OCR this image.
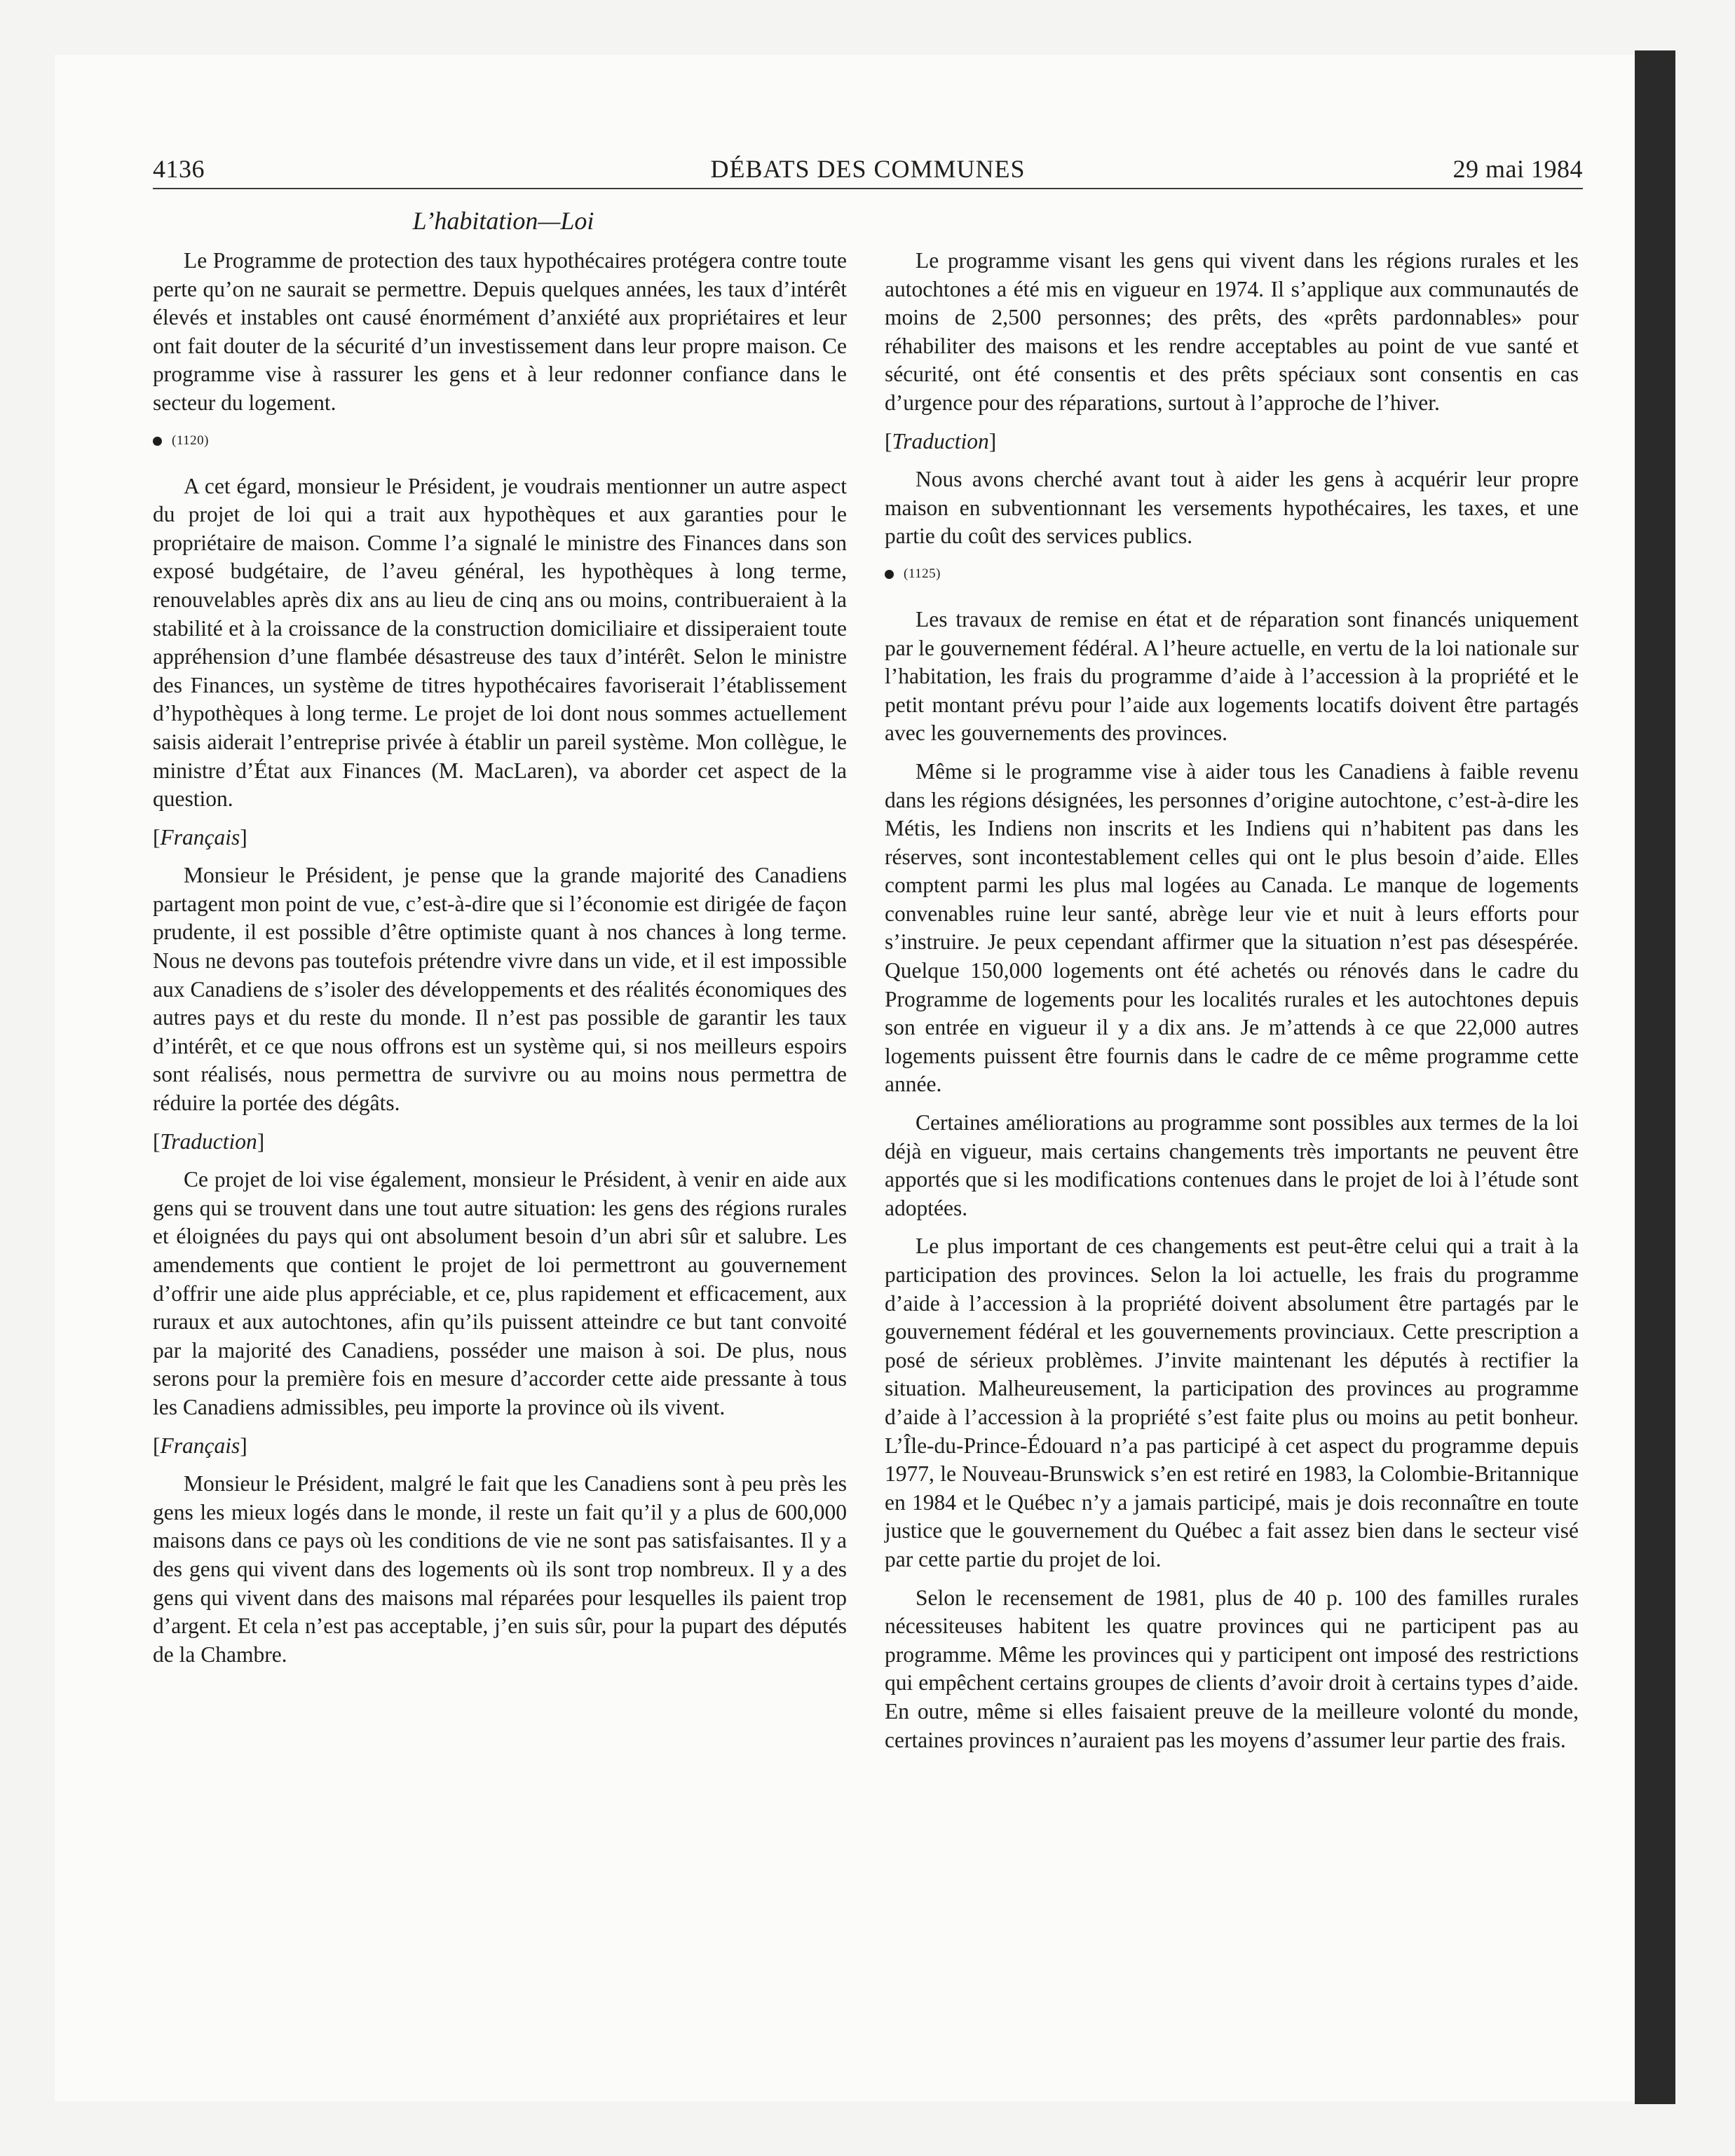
4136	DÉBATS DES COMMUNES	29 mai 1984
L’habitation—Loi

Le Programme de protection des taux hypothécaires protégera contre toute perte qu’on ne saurait se permettre. Depuis quelques années, les taux d’intérêt élevés et instables ont causé énormément d’anxiété aux propriétaires et leur ont fait douter de la sécurité d’un investissement dans leur propre maison. Ce programme vise à rassurer les gens et à leur redonner confiance dans le secteur du logement.

(1120)

A cet égard, monsieur le Président, je voudrais mentionner un autre aspect du projet de loi qui a trait aux hypothèques et aux garanties pour le propriétaire de maison. Comme l’a signalé le ministre des Finances dans son exposé budgétaire, de l’aveu général, les hypothèques à long terme, renouvelables après dix ans au lieu de cinq ans ou moins, contribueraient à la stabilité et à la croissance de la construction domiciliaire et dissiperaient toute appréhension d’une flambée désastreuse des taux d’intérêt. Selon le ministre des Finances, un système de titres hypothécaires favoriserait l’établissement d’hypothèques à long terme. Le projet de loi dont nous sommes actuellement saisis aiderait l’entreprise privée à établir un pareil système. Mon collègue, le ministre d’État aux Finances (M. MacLaren), va aborder cet aspect de la question.

[Français]

Monsieur le Président, je pense que la grande majorité des Canadiens partagent mon point de vue, c’est-à-dire que si l’économie est dirigée de façon prudente, il est possible d’être optimiste quant à nos chances à long terme. Nous ne devons pas toutefois prétendre vivre dans un vide, et il est impossible aux Canadiens de s’isoler des développements et des réalités économiques des autres pays et du reste du monde. Il n’est pas possible de garantir les taux d’intérêt, et ce que nous offrons est un système qui, si nos meilleurs espoirs sont réalisés, nous permettra de survivre ou au moins nous permettra de réduire la portée des dégâts.

[Traduction]

Ce projet de loi vise également, monsieur le Président, à venir en aide aux gens qui se trouvent dans une tout autre situation: les gens des régions rurales et éloignées du pays qui ont absolument besoin d’un abri sûr et salubre. Les amendements que contient le projet de loi permettront au gouvernement d’offrir une aide plus appréciable, et ce, plus rapidement et efficacement, aux ruraux et aux autochtones, afin qu’ils puissent atteindre ce but tant convoité par la majorité des Canadiens, posséder une maison à soi. De plus, nous serons pour la première fois en mesure d’accorder cette aide pressante à tous les Canadiens admissibles, peu importe la province où ils vivent.

[Français]

Monsieur le Président, malgré le fait que les Canadiens sont à peu près les gens les mieux logés dans le monde, il reste un fait qu’il y a plus de 600,000 maisons dans ce pays où les conditions de vie ne sont pas satisfaisantes. Il y a des gens qui vivent dans des logements où ils sont trop nombreux. Il y a des gens qui vivent dans des maisons mal réparées pour lesquelles ils paient trop d’argent. Et cela n’est pas acceptable, j’en suis sûr, pour la pupart des députés de la Chambre.

Le programme visant les gens qui vivent dans les régions rurales et les autochtones a été mis en vigueur en 1974. Il s’applique aux communautés de moins de 2,500 personnes; des prêts, des «prêts pardonnables» pour réhabiliter des maisons et les rendre acceptables au point de vue santé et sécurité, ont été consentis et des prêts spéciaux sont consentis en cas d’urgence pour des réparations, surtout à l’approche de l’hiver.

[Traduction]

Nous avons cherché avant tout à aider les gens à acquérir leur propre maison en subventionnant les versements hypothécaires, les taxes, et une partie du coût des services publics.

(1125)

Les travaux de remise en état et de réparation sont financés uniquement par le gouvernement fédéral. A l’heure actuelle, en vertu de la loi nationale sur l’habitation, les frais du programme d’aide à l’accession à la propriété et le petit montant prévu pour l’aide aux logements locatifs doivent être partagés avec les gouvernements des provinces.

Même si le programme vise à aider tous les Canadiens à faible revenu dans les régions désignées, les personnes d’origine autochtone, c’est-à-dire les Métis, les Indiens non inscrits et les Indiens qui n’habitent pas dans les réserves, sont incontestablement celles qui ont le plus besoin d’aide. Elles comptent parmi les plus mal logées au Canada. Le manque de logements convenables ruine leur santé, abrège leur vie et nuit à leurs efforts pour s’instruire. Je peux cependant affirmer que la situation n’est pas désespérée. Quelque 150,000 logements ont été achetés ou rénovés dans le cadre du Programme de logements pour les localités rurales et les autochtones depuis son entrée en vigueur il y a dix ans. Je m’attends à ce que 22,000 autres logements puissent être fournis dans le cadre de ce même programme cette année.

Certaines améliorations au programme sont possibles aux termes de la loi déjà en vigueur, mais certains changements très importants ne peuvent être apportés que si les modifications contenues dans le projet de loi à l’étude sont adoptées.

Le plus important de ces changements est peut-être celui qui a trait à la participation des provinces. Selon la loi actuelle, les frais du programme d’aide à l’accession à la propriété doivent absolument être partagés par le gouvernement fédéral et les gouvernements provinciaux. Cette prescription a posé de sérieux problèmes. J’invite maintenant les députés à rectifier la situation. Malheureusement, la participation des provinces au programme d’aide à l’accession à la propriété s’est faite plus ou moins au petit bonheur. L’Île-du-Prince-Édouard n’a pas participé à cet aspect du programme depuis 1977, le Nouveau-Brunswick s’en est retiré en 1983, la Colombie-Britannique en 1984 et le Québec n’y a jamais participé, mais je dois reconnaître en toute justice que le gouvernement du Québec a fait assez bien dans le secteur visé par cette partie du projet de loi.

Selon le recensement de 1981, plus de 40 p. 100 des familles rurales nécessiteuses habitent les quatre provinces qui ne participent pas au programme. Même les provinces qui y participent ont imposé des restrictions qui empêchent certains groupes de clients d’avoir droit à certains types d’aide. En outre, même si elles faisaient preuve de la meilleure volonté du monde, certaines provinces n’auraient pas les moyens d’assumer leur partie des frais.
